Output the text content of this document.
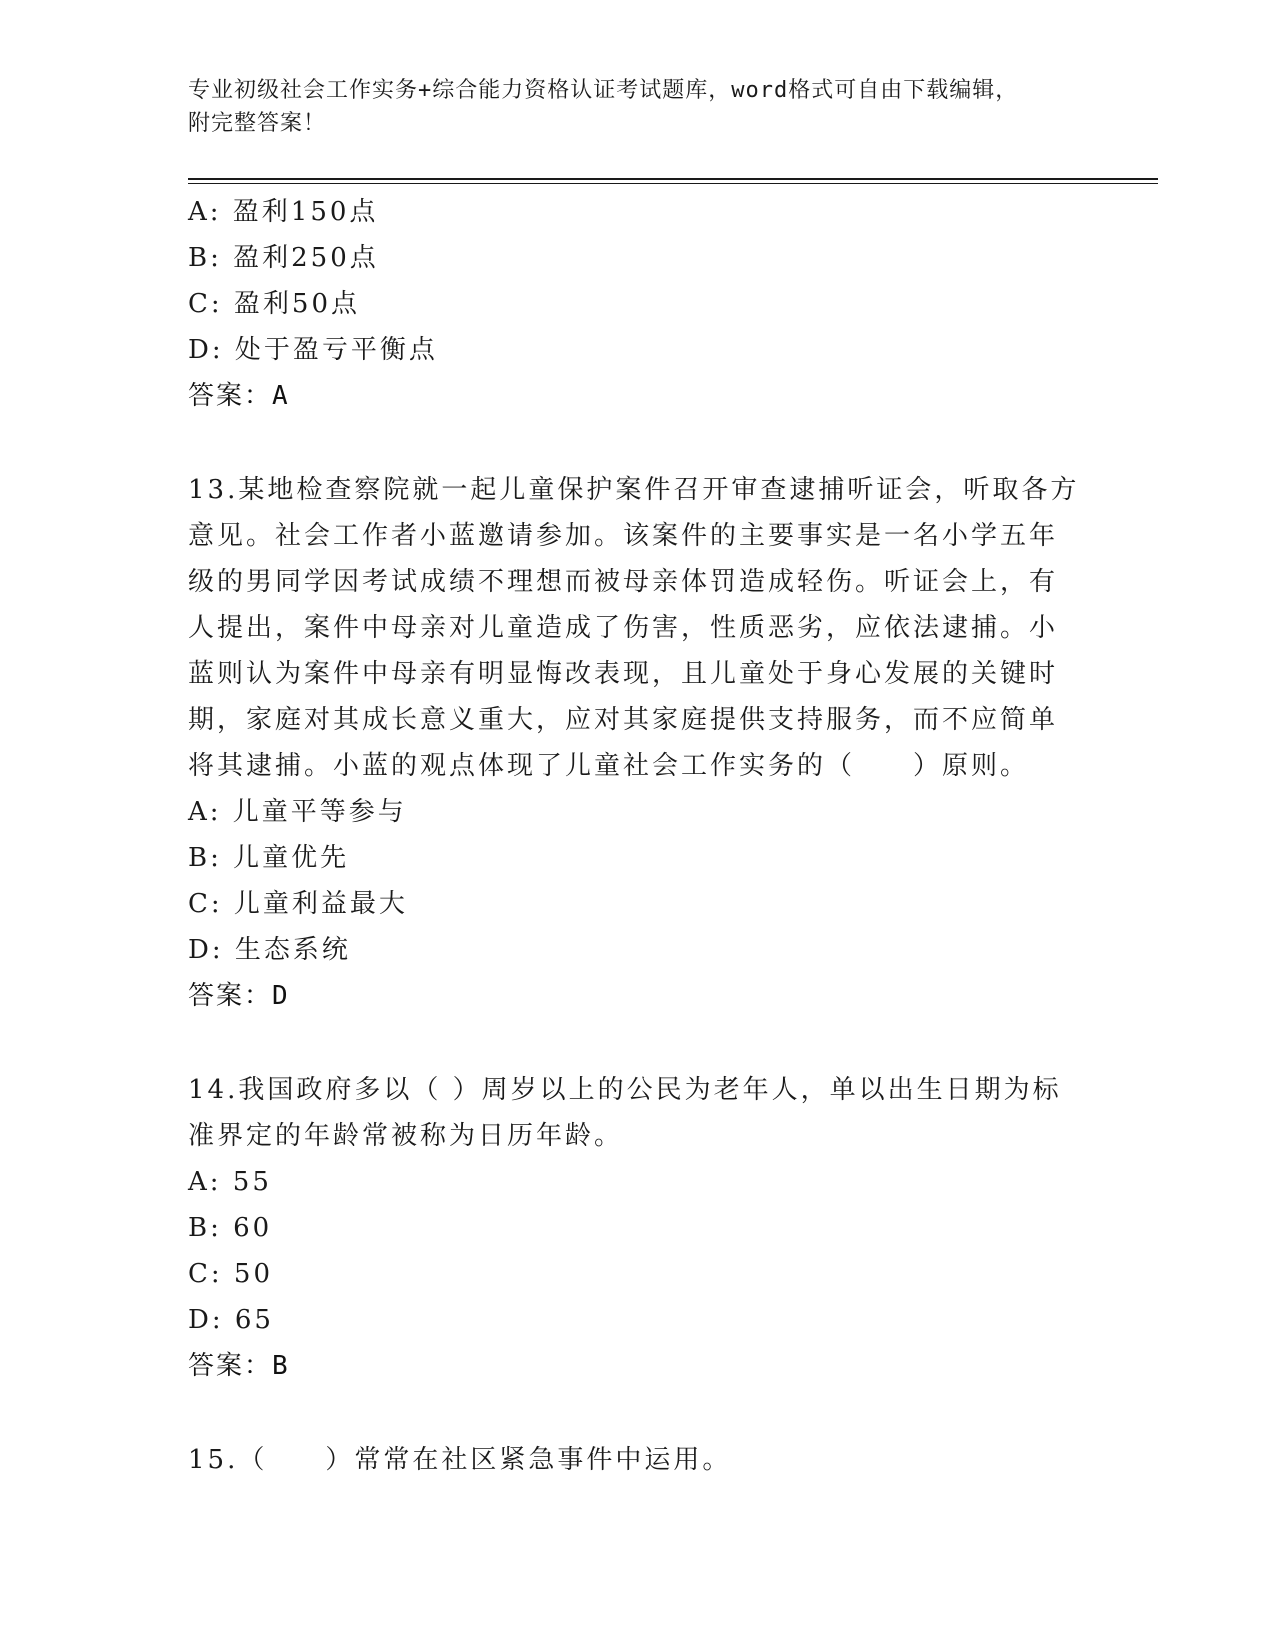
专业初级社会工作实务+综合能力资格认证考试题库，word格式可自由下载编辑，
附完整答案！
A: 盈利150点
B: 盈利250点
C: 盈利50点
D: 处于盈亏平衡点
答案：A
13.某地检查察院就一起儿童保护案件召开审查逮捕听证会，听取各方
意见。社会工作者小蓝邀请参加。该案件的主要事实是一名小学五年
级的男同学因考试成绩不理想而被母亲体罚造成轻伤。听证会上，有
人提出，案件中母亲对儿童造成了伤害，性质恶劣，应依法逮捕。小
蓝则认为案件中母亲有明显悔改表现，且儿童处于身心发展的关键时
期，家庭对其成长意义重大，应对其家庭提供支持服务，而不应简单
将其逮捕。小蓝的观点体现了儿童社会工作实务的（　　）原则。
A: 儿童平等参与
B: 儿童优先
C: 儿童利益最大
D: 生态系统
答案：D
14.我国政府多以（ ）周岁以上的公民为老年人，单以出生日期为标
准界定的年龄常被称为日历年龄。
A: 55
B: 60
C: 50
D: 65
答案：B
15.（　　）常常在社区紧急事件中运用。
